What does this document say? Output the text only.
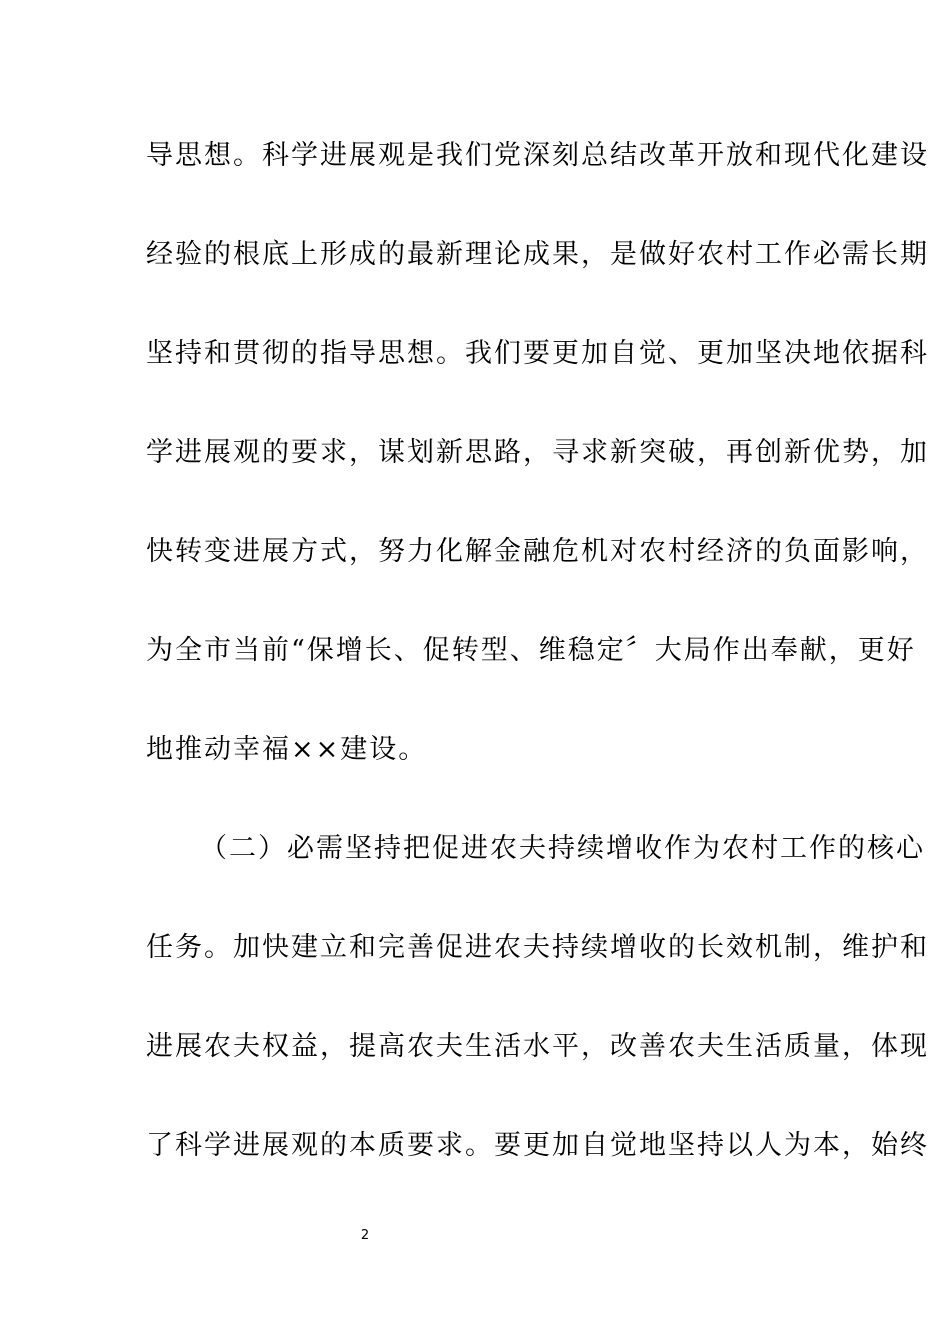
导思想。科学进展观是我们党深刻总结改革开放和现代化建设
经验的根底上形成的最新理论成果，是做好农村工作必需长期
坚持和贯彻的指导思想。我们要更加自觉、更加坚决地依据科
学进展观的要求，谋划新思路，寻求新突破，再创新优势，加
快转变进展方式，努力化解金融危机对农村经济的负面影响，
为全市当前“保增长、促转型、维稳定〞大局作出奉献，更好
地推动幸福××建设。
（二）必需坚持把促进农夫持续增收作为农村工作的核心
任务。加快建立和完善促进农夫持续增收的长效机制，维护和
进展农夫权益，提高农夫生活水平，改善农夫生活质量，体现
了科学进展观的本质要求。要更加自觉地坚持以人为本，始终
2
